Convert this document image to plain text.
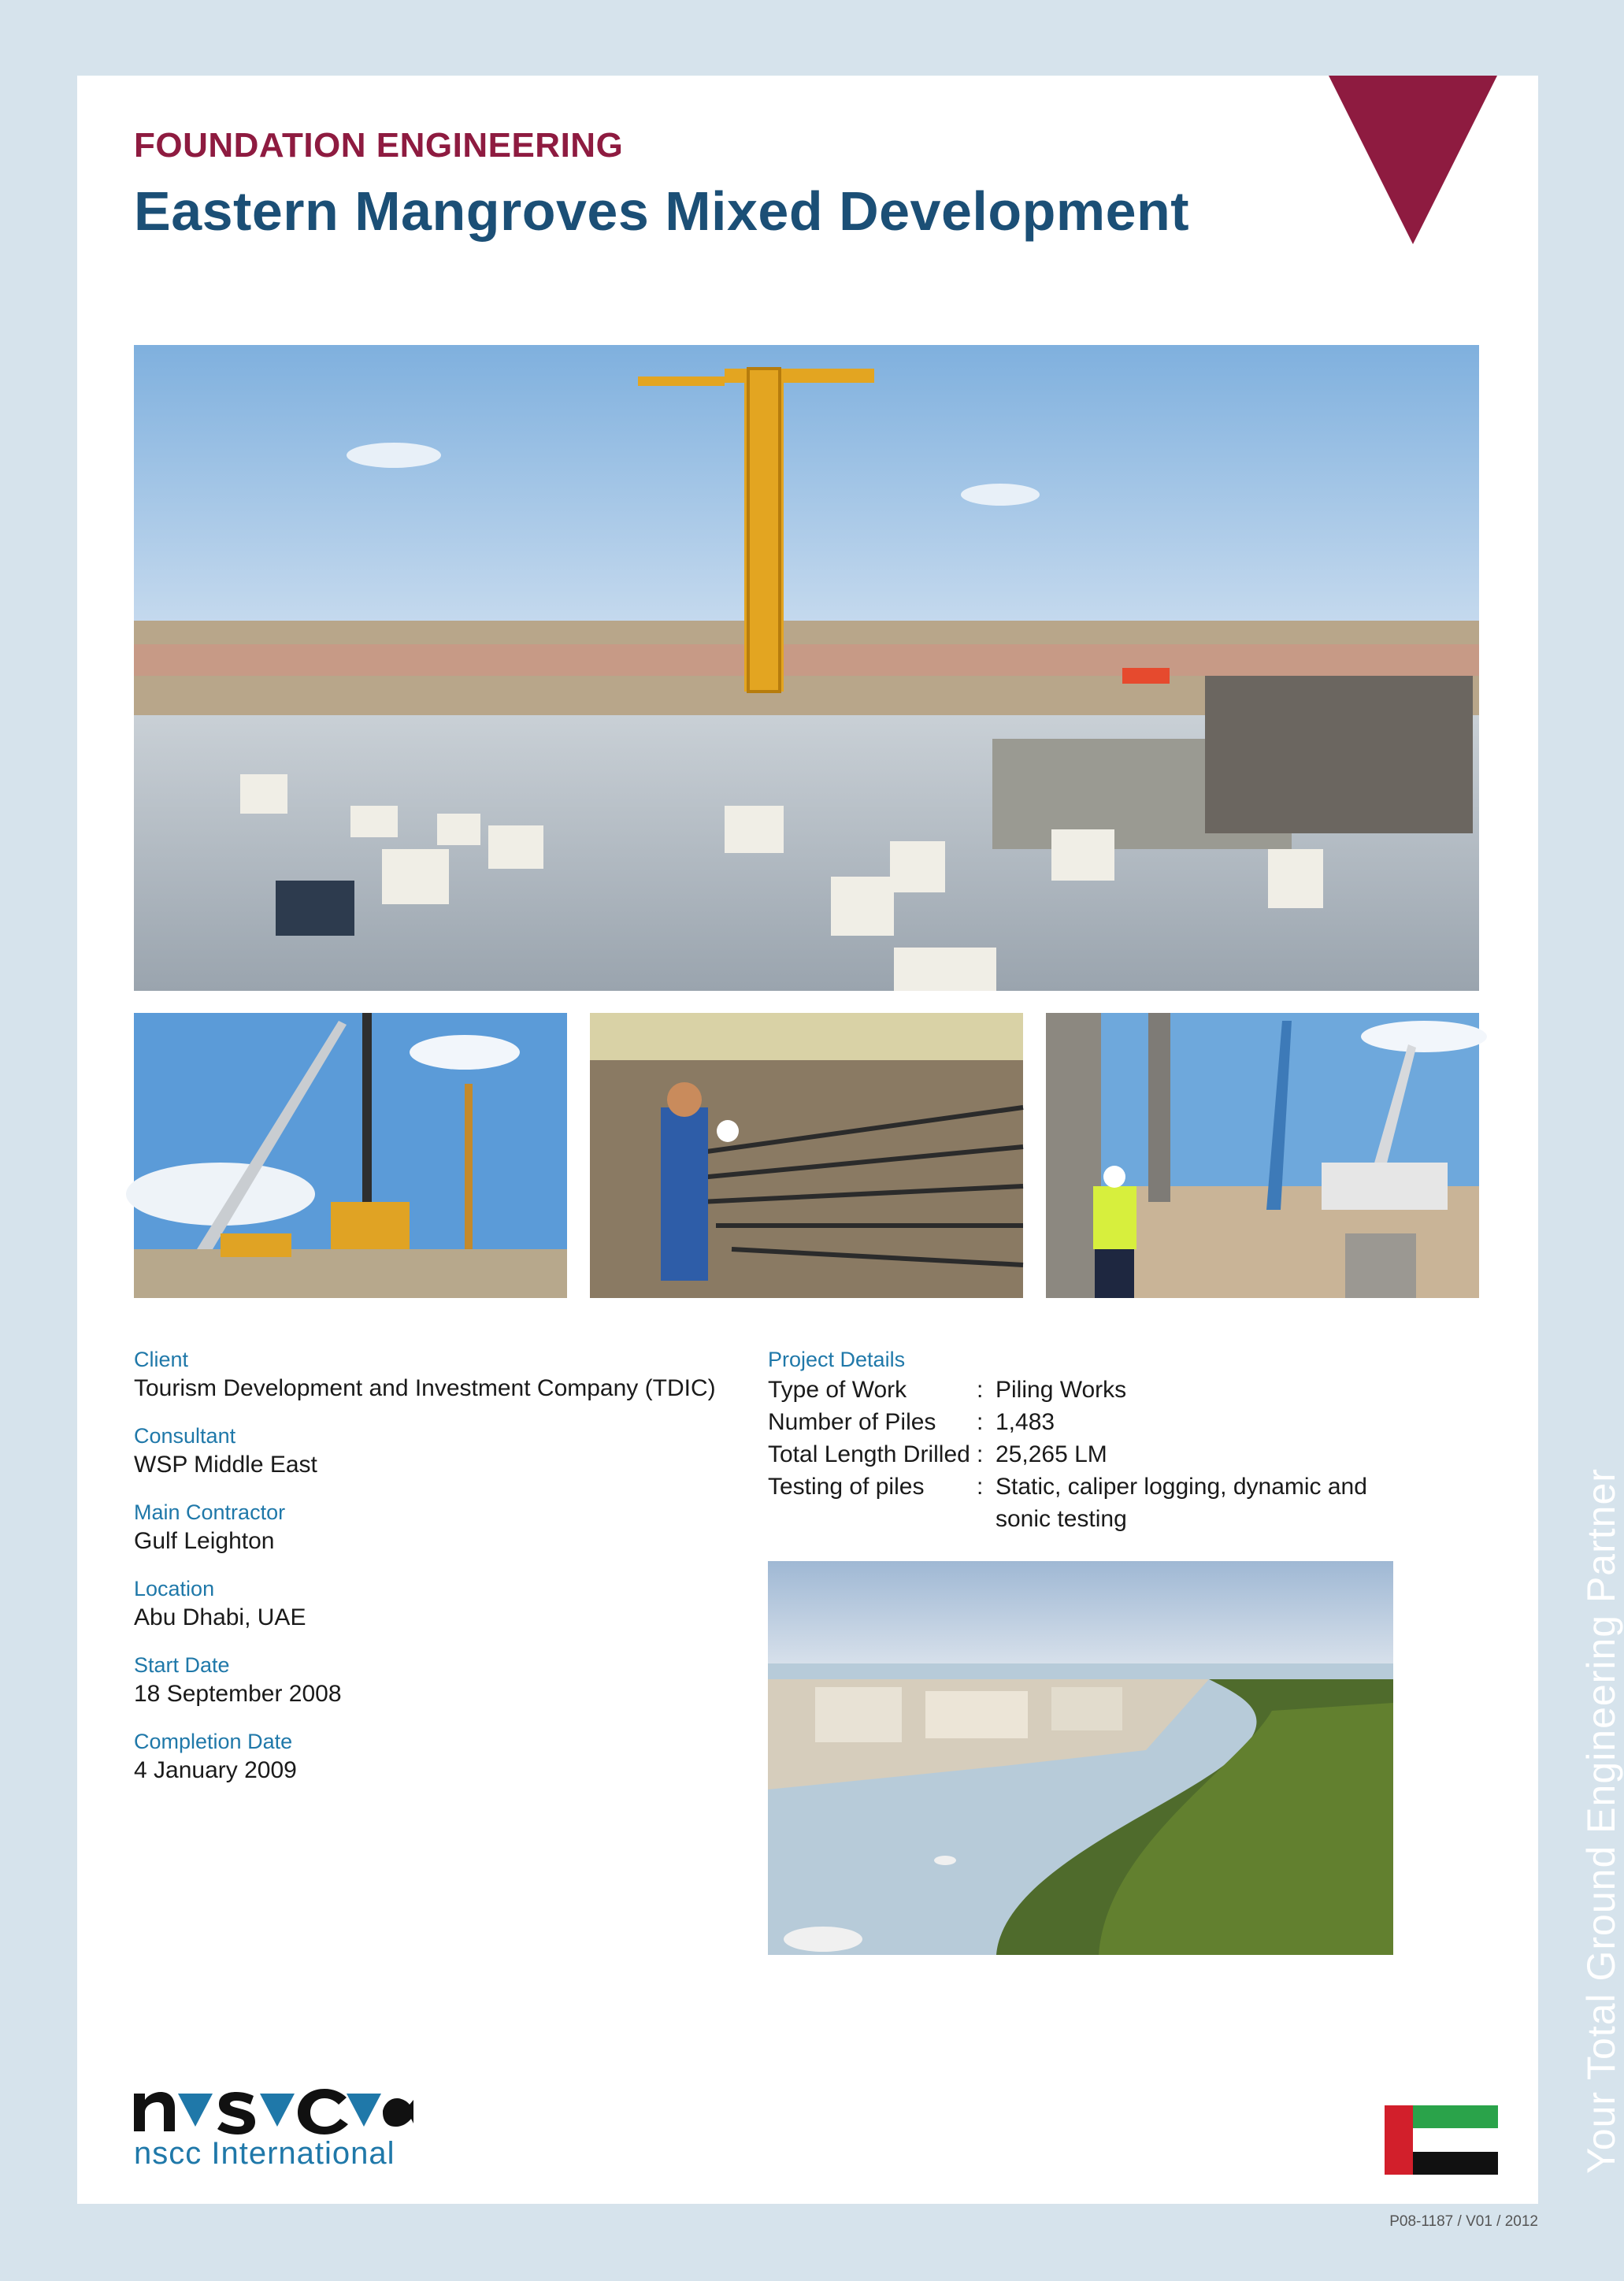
FOUNDATION ENGINEERING
Eastern Mangroves Mixed Development
Client
Tourism Development and Investment Company (TDIC)
Consultant
WSP Middle East
Main Contractor
Gulf Leighton
Location
Abu Dhabi, UAE
Start Date
18 September 2008
Completion Date
4 January 2009
Project Details
Type of Work	: Piling Works
Number of Piles	: 1,483
Total Length Drilled : 25,265 LM
Testing of piles	: Static, caliper logging, dynamic and sonic testing	Your Total Ground Engineering Partner
nscc International
P08-1187 / V01 / 2012
